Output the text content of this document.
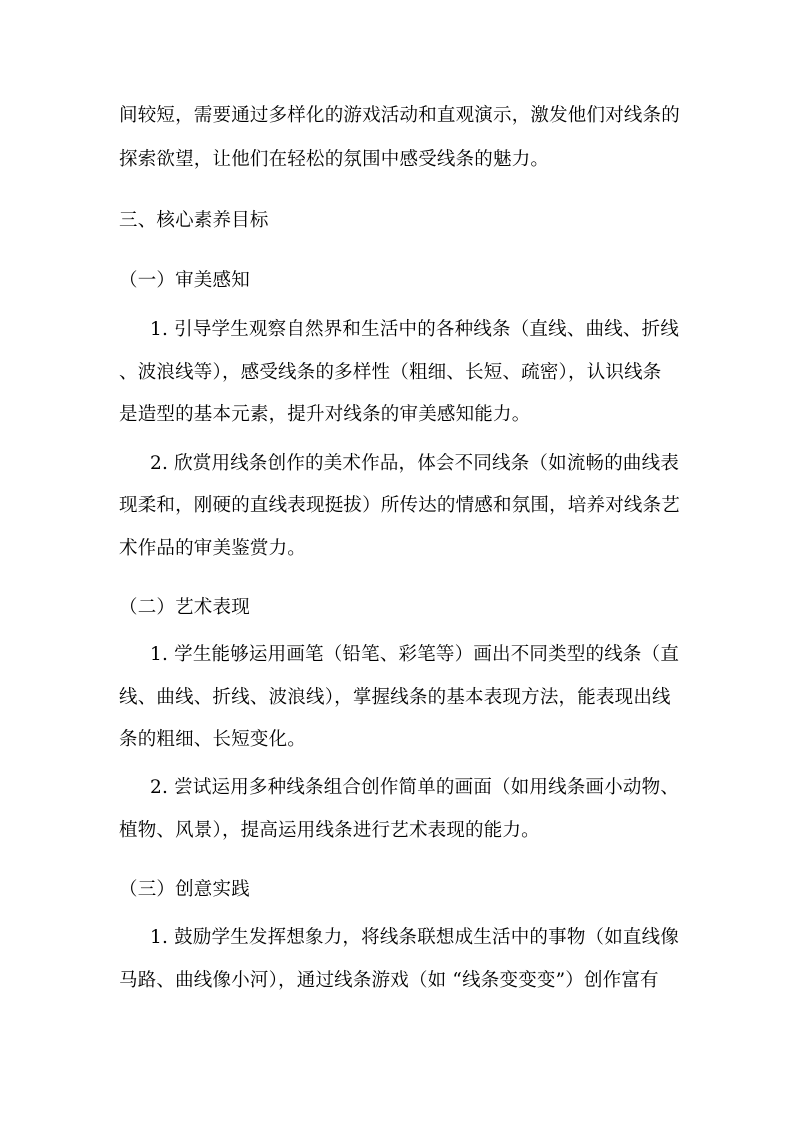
间较短，需要通过多样化的游戏活动和直观演示，激发他们对线条的

探索欲望，让他们在轻松的氛围中感受线条的魅力。

三、核心素养目标
（一）审美感知

1. 引导学生观察自然界和生活中的各种线条（直线、曲线、折线

、波浪线等），感受线条的多样性（粗细、长短、疏密），认识线条

是造型的基本元素，提升对线条的审美感知能力。

2. 欣赏用线条创作的美术作品，体会不同线条（如流畅的曲线表

现柔和，刚硬的直线表现挺拔）所传达的情感和氛围，培养对线条艺

术作品的审美鉴赏力。

（二）艺术表现

1. 学生能够运用画笔（铅笔、彩笔等）画出不同类型的线条（直

线、曲线、折线、波浪线），掌握线条的基本表现方法，能表现出线

条的粗细、长短变化。

2. 尝试运用多种线条组合创作简单的画面（如用线条画小动物、

植物、风景），提高运用线条进行艺术表现的能力。

（三）创意实践

1. 鼓励学生发挥想象力，将线条联想成生活中的事物（如直线像

马路、曲线像小河），通过线条游戏（如 “线条变变变”）创作富有
